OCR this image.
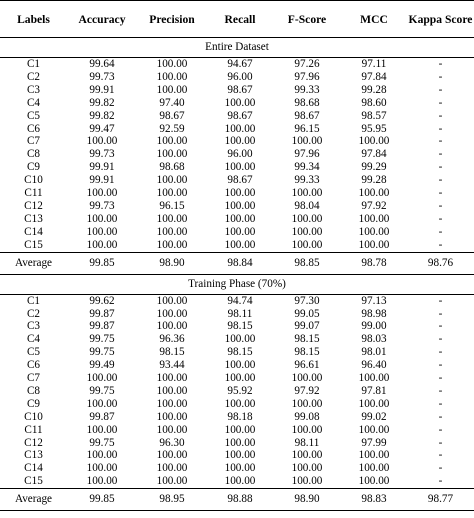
Labels	Accuracy	Precision	Recall	F-Score	MCC	Kappa Score
Entire Dataset						
C1	99.64	100.00	94.67	97.26	97.11	-
C2	99.73	100.00	96.00	97.96	97.84	-
C3	99.91	100.00	98.67	99.33	99.28	-
C4	99.82	97.40	100.00	98.68	98.60	-
C5	99.82	98.67	98.67	98.67	98.57	-
C6	99.47	92.59	100.00	96.15	95.95	-
C7	100.00	100.00	100.00	100.00	100.00	-
C8	99.73	100.00	96.00	97.96	97.84	-
C9	99.91	98.68	100.00	99.34	99.29	-
C10	99.91	100.00	98.67	99.33	99.28	-
C11	100.00	100.00	100.00	100.00	100.00	-
C12	99.73	96.15	100.00	98.04	97.92	-
C13	100.00	100.00	100.00	100.00	100.00	-
C14	100.00	100.00	100.00	100.00	100.00	-
C15	100.00	100.00	100.00	100.00	100.00	-
Average	99.85	98.90	98.84	98.85	98.78	98.76
Training Phase (70%)						
C1	99.62	100.00	94.74	97.30	97.13	-
C2	99.87	100.00	98.11	99.05	98.98	-
C3	99.87	100.00	98.15	99.07	99.00	-
C4	99.75	96.36	100.00	98.15	98.03	-
C5	99.75	98.15	98.15	98.15	98.01	-
C6	99.49	93.44	100.00	96.61	96.40	-
C7	100.00	100.00	100.00	100.00	100.00	-
C8	99.75	100.00	95.92	97.92	97.81	-
C9	100.00	100.00	100.00	100.00	100.00	-
C10	99.87	100.00	98.18	99.08	99.02	-
C11	100.00	100.00	100.00	100.00	100.00	-
C12	99.75	96.30	100.00	98.11	97.99	-
C13	100.00	100.00	100.00	100.00	100.00	-
C14	100.00	100.00	100.00	100.00	100.00	-
C15	100.00	100.00	100.00	100.00	100.00	-
Average	99.85	98.95	98.88	98.90	98.83	98.77
